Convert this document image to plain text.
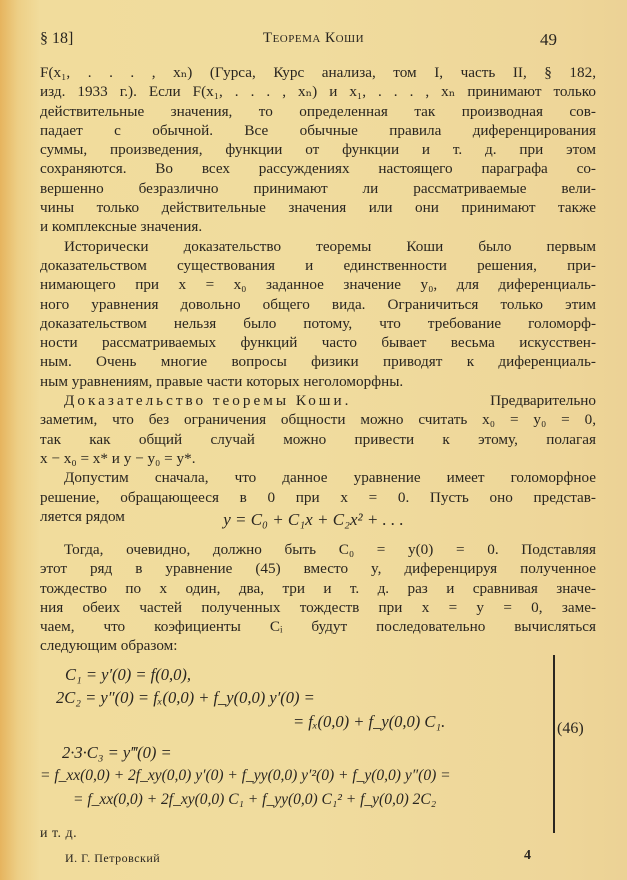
§ 18]	Теорема Коши	49
F(x₁, . . . , xₙ) (Гурса, Курс анализа, том I, часть II, § 182,
изд. 1933 г.). Если F(x₁, . . . , xₙ) и x₁, . . . , xₙ принимают только
действительные значения, то определенная так производная сов-
падает с обычной. Все обычные правила диференцирования
суммы, произведения, функции от функции и т. д. при этом
сохраняются. Во всех рассуждениях настоящего параграфа со-
вершенно безразлично принимают ли рассматриваемые вели-
чины только действительные значения или они принимают также
и комплексные значения.
Исторически доказательство теоремы Коши было первым
доказательством существования и единственности решения, при-
нимающего при x = x₀ заданное значение y₀, для диференциаль-
ного уравнения довольно общего вида. Ограничиться только этим
доказательством нельзя было потому, что требование голоморф-
ности рассматриваемых функций часто бывает весьма искусствен-
ным. Очень многие вопросы физики приводят к диференциаль-
ным уравнениям, правые части которых неголоморфны.
Доказательство теоремы Коши.	Предварительно
заметим, что без ограничения общности можно считать x₀ = y₀ = 0,
так как общий случай можно привести к этому, полагая
x − x₀ = x* и y − y₀ = y*.
Допустим сначала, что данное уравнение имеет голоморфное
решение, обращающееся в 0 при x = 0. Пусть оно представ-
ляется рядом	y = C₀ + C₁x + C₂x² + . . .
Тогда, очевидно, должно быть C₀ = y(0) = 0. Подставляя
этот ряд в уравнение (45) вместо y, диференцируя полученное
тождество по x один, два, три и т. д. раз и сравнивая значе-
ния обеих частей полученных тождеств при x = y = 0, заме-
чаем, что коэфициенты Cᵢ будут последовательно вычисляться
следующим образом:
C₁ = y′(0) = f(0,0),
2C₂ = y″(0) = fₓ(0,0) + f_y(0,0) y′(0) =
= fₓ(0,0) + f_y(0,0) C₁.
2·3·C₃ = y‴(0) =
= f_xx(0,0) + 2f_xy(0,0) y′(0) + f_yy(0,0) y′²(0) + f_y(0,0) y″(0) =
= f_xx(0,0) + 2f_xy(0,0) C₁ + f_yy(0,0) C₁² + f_y(0,0) 2C₂
(46)
и т. д.
И. Г. Петровский	4
